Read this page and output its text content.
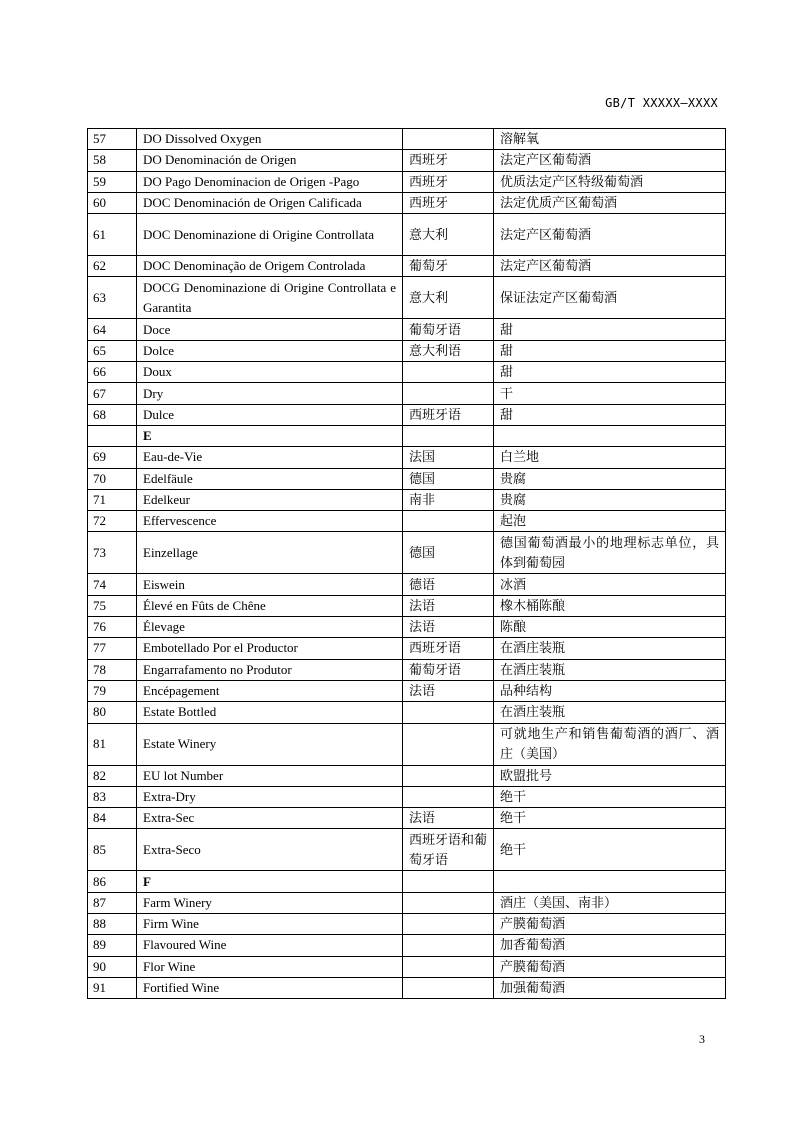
GB/T XXXXX—XXXX
57	DO Dissolved Oxygen		溶解氧
58	DO Denominación de Origen	西班牙	法定产区葡萄酒
59	DO Pago Denominacion de Origen -Pago	西班牙	优质法定产区特级葡萄酒
60	DOC Denominación de Origen Calificada	西班牙	法定优质产区葡萄酒
61	DOC Denominazione di Origine Controllata	意大利	法定产区葡萄酒
62	DOC Denominação de Origem Controlada	葡萄牙	法定产区葡萄酒
63	DOCG Denominazione di Origine Controllata e Garantita	意大利	保证法定产区葡萄酒
64	Doce	葡萄牙语	甜
65	Dolce	意大利语	甜
66	Doux		甜
67	Dry		干
68	Dulce	西班牙语	甜
	E		
69	Eau-de-Vie	法国	白兰地
70	Edelfäule	德国	贵腐
71	Edelkeur	南非	贵腐
72	Effervescence		起泡
73	Einzellage	德国	德国葡萄酒最小的地理标志单位，具体到葡萄园
74	Eiswein	德语	冰酒
75	Élevé en Fûts de Chêne	法语	橡木桶陈酿
76	Élevage	法语	陈酿
77	Embotellado Por el Productor	西班牙语	在酒庄装瓶
78	Engarrafamento no Produtor	葡萄牙语	在酒庄装瓶
79	Encépagement	法语	品种结构
80	Estate Bottled		在酒庄装瓶
81	Estate Winery		可就地生产和销售葡萄酒的酒厂、酒庄（美国）
82	EU lot Number		欧盟批号
83	Extra-Dry		绝干
84	Extra-Sec	法语	绝干
85	Extra-Seco	西班牙语和葡萄牙语	绝干
86	F		
87	Farm Winery		酒庄（美国、南非）
88	Firm Wine		产膜葡萄酒
89	Flavoured Wine		加香葡萄酒
90	Flor Wine		产膜葡萄酒
91	Fortified Wine		加强葡萄酒
3
